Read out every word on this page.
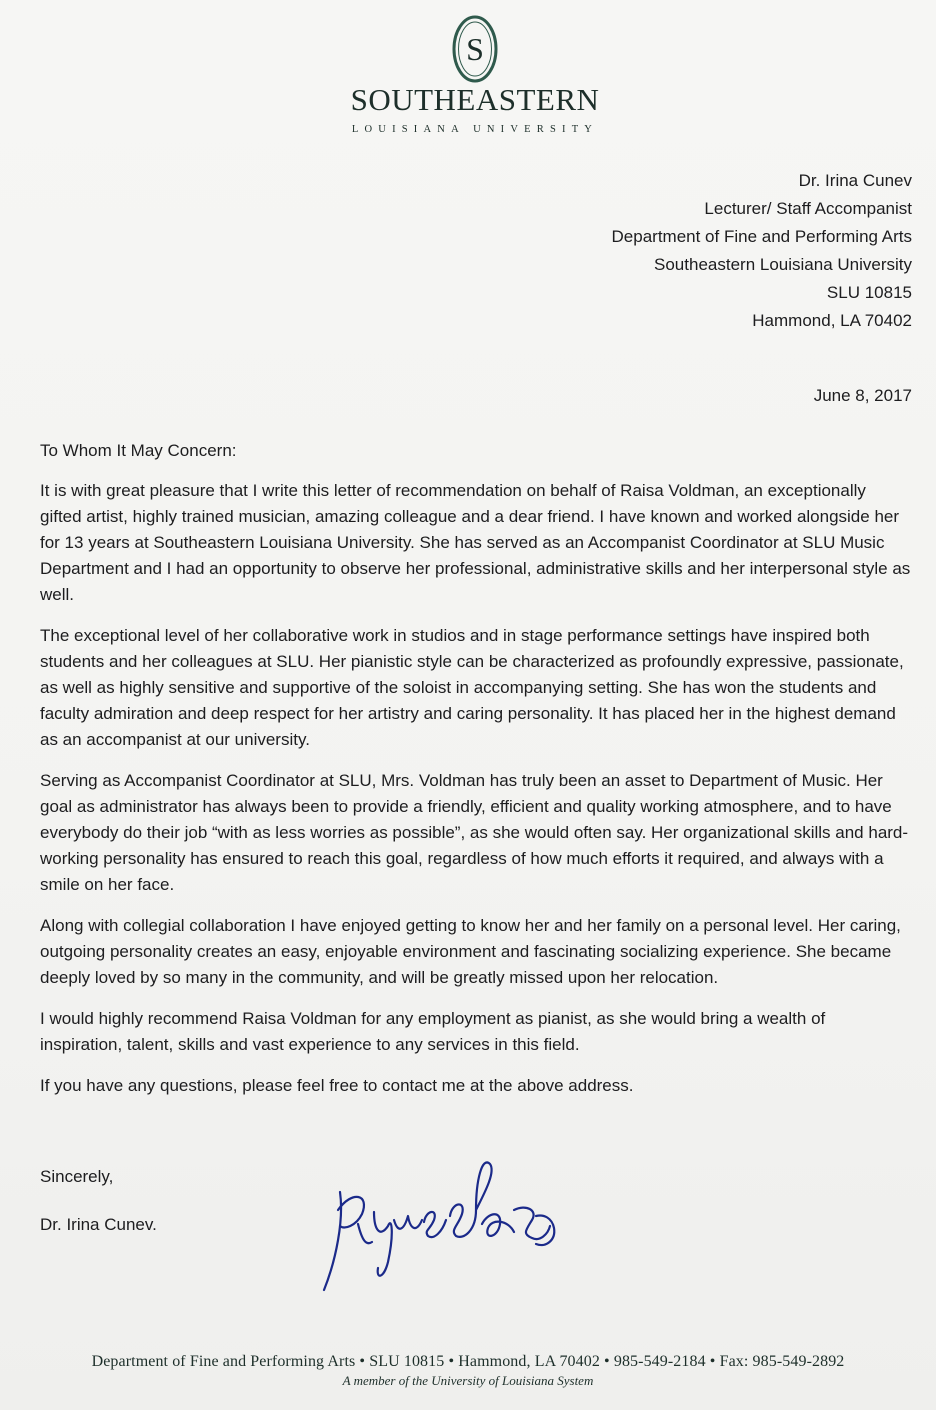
S
SOUTHEASTERN
LOUISIANA UNIVERSITY
Dr. Irina Cunev
Lecturer/ Staff Accompanist
Department of Fine and Performing Arts
Southeastern Louisiana University
SLU 10815
Hammond, LA 70402
June 8, 2017

To Whom It May Concern:

It is with great pleasure that I write this letter of recommendation on behalf of Raisa Voldman, an exceptionally gifted artist, highly trained musician, amazing colleague and a dear friend. I have known and worked alongside her for 13 years at Southeastern Louisiana University. She has served as an Accompanist Coordinator at SLU Music Department and I had an opportunity to observe her professional, administrative skills and her interpersonal style as well.

The exceptional level of her collaborative work in studios and in stage performance settings have inspired both students and her colleagues at SLU. Her pianistic style can be characterized as profoundly expressive, passionate, as well as highly sensitive and supportive of the soloist in accompanying setting. She has won the students and faculty admiration and deep respect for her artistry and caring personality. It has placed her in the highest demand as an accompanist at our university.

Serving as Accompanist Coordinator at SLU, Mrs. Voldman has truly been an asset to Department of Music. Her goal as administrator has always been to provide a friendly, efficient and quality working atmosphere, and to have everybody do their job “with as less worries as possible”, as she would often say. Her organizational skills and hard-working personality has ensured to reach this goal, regardless of how much efforts it required, and always with a smile on her face.

Along with collegial collaboration I have enjoyed getting to know her and her family on a personal level. Her caring, outgoing personality creates an easy, enjoyable environment and fascinating socializing experience. She became deeply loved by so many in the community, and will be greatly missed upon her relocation.

I would highly recommend Raisa Voldman for any employment as pianist, as she would bring a wealth of inspiration, talent, skills and vast experience to any services in this field.

If you have any questions, please feel free to contact me at the above address.

Sincerely,
Dr. Irina Cunev.
Department of Fine and Performing Arts • SLU 10815 • Hammond, LA 70402 • 985-549-2184 • Fax: 985-549-2892
A member of the University of Louisiana System
